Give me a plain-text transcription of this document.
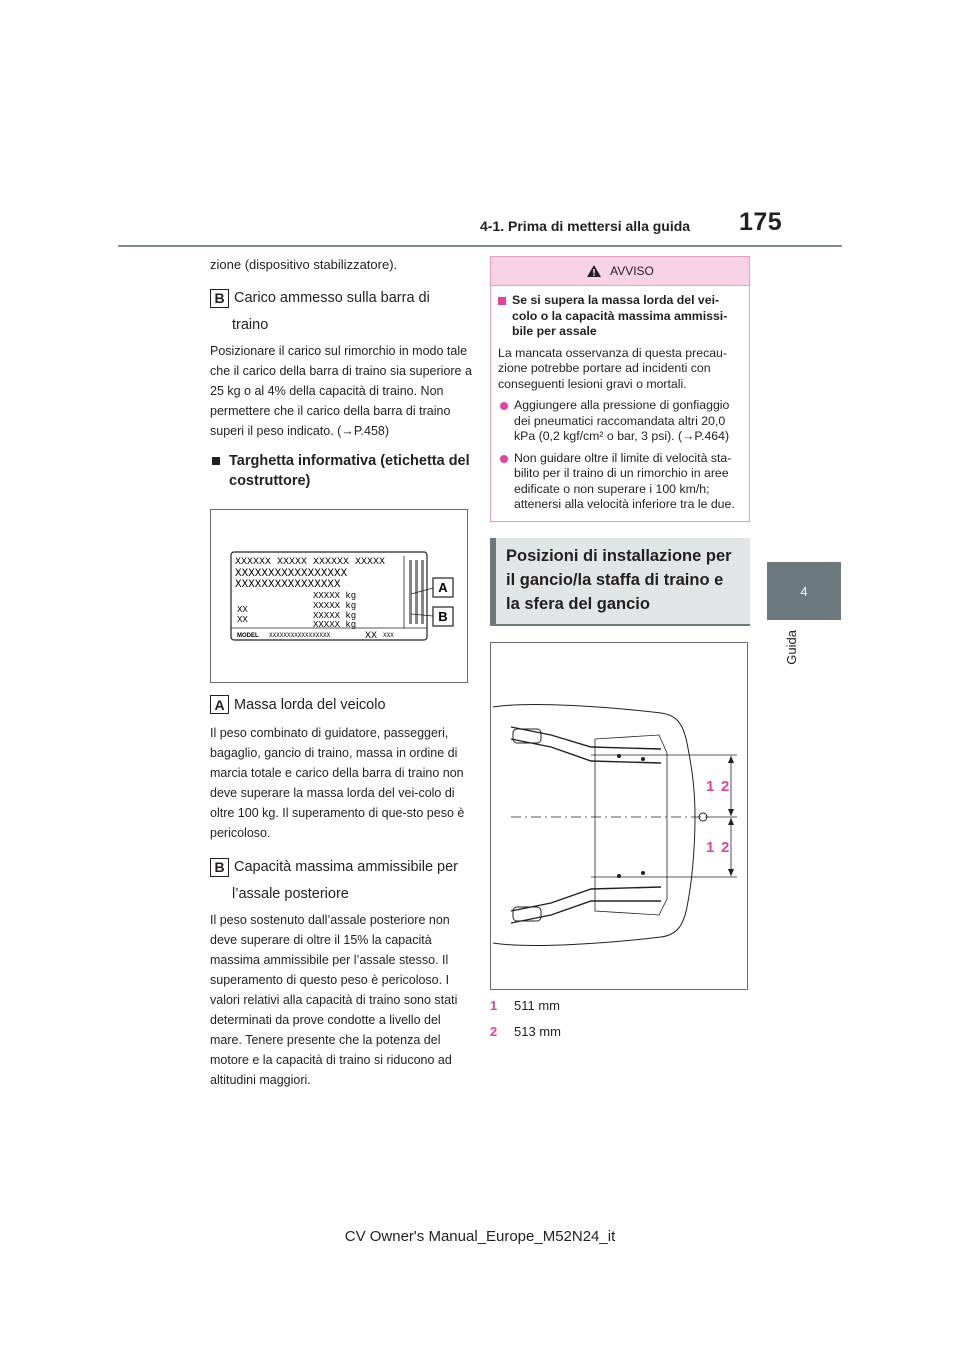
4-1. Prima di mettersi alla guida 175
4
Guida

zione (dispositivo stabilizzatore).

B Carico ammesso sulla barra di
traino

Posizionare il carico sul rimorchio in modo tale che il carico della barra di traino sia superiore a 25 kg o al 4% della capacità di traino. Non permettere che il carico della barra di traino superi il peso indicato. (→P.458)

Targhetta informativa (etichetta del costruttore)
XXXXXX XXXXX XXXXXX XXXXX
XXXXXXXXXXXXXXXXX
XXXXXXXXXXXXXXXX
XXXXX kg
XXXXX kg
XXXXX kg
XXXXX kg
XX
XX
MODEL XXXXXXXXXXXXXXXXX	XX XXX
A
B
A Massa lorda del veicolo

Il peso combinato di guidatore, passeggeri, bagaglio, gancio di traino, massa in ordine di marcia totale e carico della barra di traino non deve superare la massa lorda del vei-colo di oltre 100 kg. Il superamento di que-sto peso è pericoloso.

B Capacità massima ammissibile per
l’assale posteriore

Il peso sostenuto dall’assale posteriore non deve superare di oltre il 15% la capacità massima ammissibile per l’assale stesso. Il superamento di questo peso è pericoloso. I valori relativi alla capacità di traino sono stati determinati da prove condotte a livello del mare. Tenere presente che la potenza del motore e la capacità di traino si riducono ad altitudini maggiori.

AVVISO
Se si supera la massa lorda del vei-colo o la capacità massima ammissi-bile per assale

La mancata osservanza di questa precau-zione potrebbe portare ad incidenti con conseguenti lesioni gravi o mortali.

Aggiungere alla pressione di gonfiaggio dei pneumatici raccomandata altri 20,0 kPa (0,2 kgf/cm² o bar, 3 psi). (→P.464)
Non guidare oltre il limite di velocità sta-bilito per il traino di un rimorchio in aree edificate o non superare i 100 km/h; attenersi alla velocità inferiore tra le due.
Posizioni di installazione per il gancio/la staffa di traino e la sfera del gancio
1 2
1 2
1	511 mm
2	513 mm
CV Owner's Manual_Europe_M52N24_it
